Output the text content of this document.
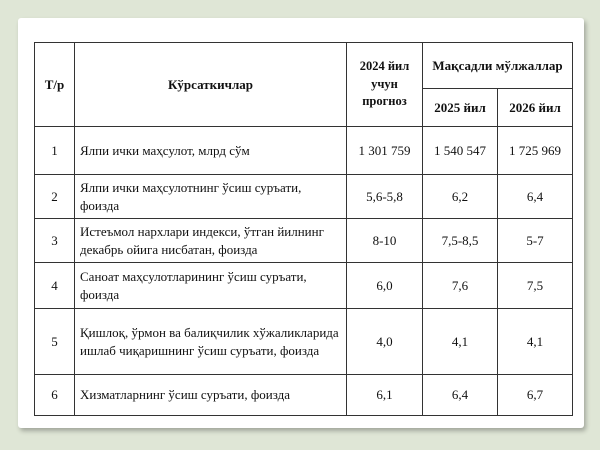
Т/р	Кўрсаткичлар	2024 йил
учун
прогноз	Мақсадли мўлжаллар	
			2025 йил	2026 йил
1	Ялпи ички маҳсулот, млрд сўм	1 301 759	1 540 547	1 725 969
2	Ялпи ички маҳсулотнинг ўсиш суръати,
фоизда	5,6-5,8	6,2	6,4
3	Истеъмол нархлари индекси, ўтган йилнинг
декабрь ойига нисбатан, фоизда	8-10	7,5-8,5	5-7
4	Саноат маҳсулотларининг ўсиш суръати,
фоизда	6,0	7,6	7,5
5	Қишлоқ, ўрмон ва балиқчилик хўжаликларида
ишлаб чиқаришнинг ўсиш суръати, фоизда	4,0	4,1	4,1
6	Хизматларнинг ўсиш суръати, фоизда	6,1	6,4	6,7
